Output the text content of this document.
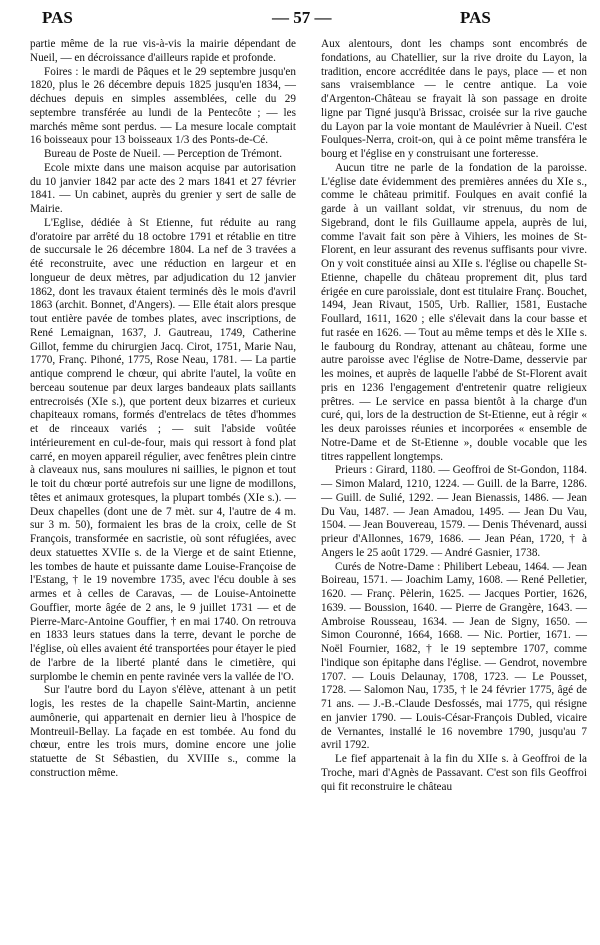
PAS	— 57 —	PAS

partie même de la rue vis-à-vis la mairie dépendant de Nueil, — en décroissance d'ailleurs rapide et profonde.

Foires : le mardi de Pâques et le 29 septembre jusqu'en 1820, plus le 26 décembre depuis 1825 jusqu'en 1834, — déchues depuis en simples assemblées, celle du 29 septembre transférée au lundi de la Pentecôte ; — les marchés même sont perdus. — La mesure locale comptait 16 boisseaux pour 13 boisseaux 1/3 des Ponts-de-Cé.

Bureau de Poste de Nueil. — Perception de Trémont.

Ecole mixte dans une maison acquise par autorisation du 10 janvier 1842 par acte des 2 mars 1841 et 27 février 1841. — Un cabinet, auprès du grenier y sert de salle de Mairie.

L'Eglise, dédiée à St Etienne, fut réduite au rang d'oratoire par arrêté du 18 octobre 1791 et rétablie en titre de succursale le 26 décembre 1804. La nef de 3 travées a été reconstruite, avec une réduction en largeur et en longueur de deux mètres, par adjudication du 12 janvier 1862, dont les travaux étaient terminés dès le mois d'avril 1863 (archit. Bonnet, d'Angers). — Elle était alors presque tout entière pavée de tombes plates, avec inscriptions, de René Lemaignan, 1637, J. Gautreau, 1749, Catherine Gillot, femme du chirurgien Jacq. Cirot, 1751, Marie Nau, 1770, Franç. Pihoné, 1775, Rose Neau, 1781. — La partie antique comprend le chœur, qui abrite l'autel, la voûte en berceau soutenue par deux larges bandeaux plats saillants entrecroisés (XIe s.), que portent deux bizarres et curieux chapiteaux romans, formés d'entrelacs de têtes d'hommes et de rinceaux variés ; — suit l'abside voûtée intérieurement en cul-de-four, mais qui ressort à fond plat carré, en moyen appareil régulier, avec fenêtres plein cintre à claveaux nus, sans moulures ni saillies, le pignon et tout le toit du chœur porté autrefois sur une ligne de modillons, têtes et animaux grotesques, la plupart tombés (XIe s.). — Deux chapelles (dont une de 7 mèt. sur 4, l'autre de 4 m. sur 3 m. 50), formaient les bras de la croix, celle de St François, transformée en sacristie, où sont réfugiées, avec deux statuettes XVIIe s. de la Vierge et de saint Etienne, les tombes de haute et puissante dame Louise-Françoise de l'Estang, † le 19 novembre 1735, avec l'écu double à ses armes et à celles de Caravas, — de Louise-Antoinette Gouffier, morte âgée de 2 ans, le 9 juillet 1731 — et de Pierre-Marc-Antoine Gouffier, † en mai 1740. On retrouva en 1833 leurs statues dans la terre, devant le porche de l'église, où elles avaient été transportées pour étayer le pied de l'arbre de la liberté planté dans le cimetière, qui surplombe le chemin en pente ravinée vers la vallée de l'O.

Sur l'autre bord du Layon s'élève, attenant à un petit logis, les restes de la chapelle Saint-Martin, ancienne aumônerie, qui appartenait en dernier lieu à l'hospice de Montreuil-Bellay. La façade en est tombée. Au fond du chœur, entre les trois murs, domine encore une jolie statuette de St Sébastien, du XVIIIe s., comme la construction même.

Aux alentours, dont les champs sont encombrés de fondations, au Chatellier, sur la rive droite du Layon, la tradition, encore accréditée dans le pays, place — et non sans vraisemblance — le centre antique. La voie d'Argenton-Château se frayait là son passage en droite ligne par Tigné jusqu'à Brissac, croisée sur la rive gauche du Layon par la voie montant de Maulévrier à Nueil. C'est Foulques-Nerra, croit-on, qui à ce point même transféra le bourg et l'église en y construisant une forteresse.

Aucun titre ne parle de la fondation de la paroisse. L'église date évidemment des premières années du XIe s., comme le château primitif. Foulques en avait confié la garde à un vaillant soldat, vir strenuus, du nom de Sigebrand, dont le fils Guillaume appela, auprès de lui, comme l'avait fait son père à Vihiers, les moines de St-Florent, en leur assurant des revenus suffisants pour vivre. On y voit constituée ainsi au XIIe s. l'église ou chapelle St-Etienne, chapelle du château proprement dit, plus tard érigée en cure paroissiale, dont est titulaire Franç. Bouchet, 1494, Jean Rivaut, 1505, Urb. Rallier, 1581, Eustache Foullard, 1611, 1620 ; elle s'élevait dans la cour basse et fut rasée en 1626. — Tout au même temps et dès le XIIe s. le faubourg du Rondray, attenant au château, forme une autre paroisse avec l'église de Notre-Dame, desservie par les moines, et auprès de laquelle l'abbé de St-Florent avait pris en 1236 l'engagement d'entretenir quatre religieux prêtres. — Le service en passa bientôt à la charge d'un curé, qui, lors de la destruction de St-Etienne, eut à régir « les deux paroisses réunies et incorporées « ensemble de Notre-Dame et de St-Etienne », double vocable que les titres rappellent longtemps.

Prieurs : Girard, 1180. — Geoffroi de St-Gondon, 1184. — Simon Malard, 1210, 1224. — Guill. de la Barre, 1286. — Guill. de Sulié, 1292. — Jean Bienassis, 1486. — Jean Du Vau, 1487. — Jean Amadou, 1495. — Jean Du Vau, 1504. — Jean Bouvereau, 1579. — Denis Thévenard, aussi prieur d'Allonnes, 1679, 1686. — Jean Péan, 1720, † à Angers le 25 août 1729. — André Gasnier, 1738.

Curés de Notre-Dame : Philibert Lebeau, 1464. — Jean Boireau, 1571. — Joachim Lamy, 1608. — René Pelletier, 1620. — Franç. Pèlerin, 1625. — Jacques Portier, 1626, 1639. — Boussion, 1640. — Pierre de Grangère, 1643. — Ambroise Rousseau, 1634. — Jean de Signy, 1650. — Simon Couronné, 1664, 1668. — Nic. Portier, 1671. — Noël Fournier, 1682, † le 19 septembre 1707, comme l'indique son épitaphe dans l'église. — Gendrot, novembre 1707. — Louis Delaunay, 1708, 1723. — Le Pousset, 1728. — Salomon Nau, 1735, † le 24 février 1775, âgé de 71 ans. — J.-B.-Claude Desfossés, mai 1775, qui résigne en janvier 1790. — Louis-César-François Dubled, vicaire de Vernantes, installé le 16 novembre 1790, jusqu'au 7 avril 1792.

Le fief appartenait à la fin du XIIe s. à Geoffroi de la Troche, mari d'Agnès de Passavant. C'est son fils Geoffroi qui fit reconstruire le château
